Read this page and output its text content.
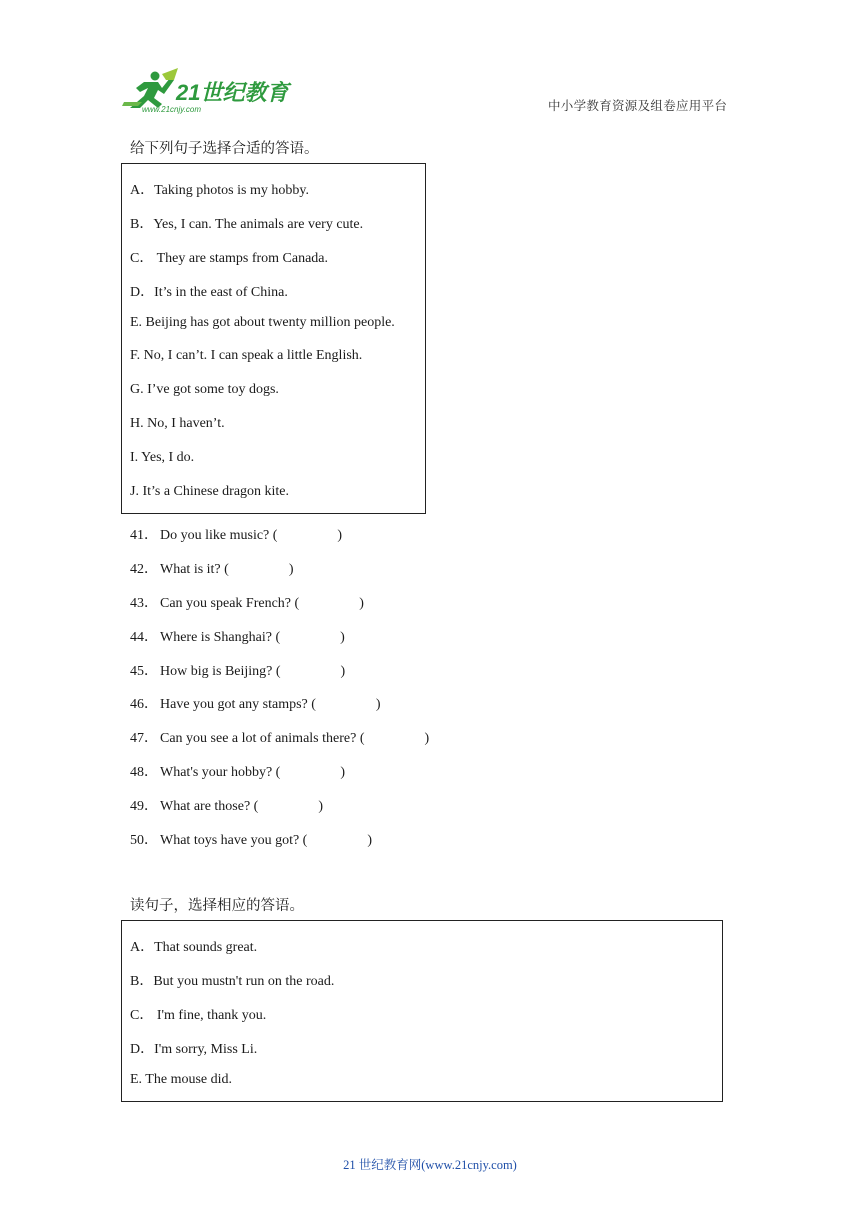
21世纪教育
www.21cnjy.com	中小学教育资源及组卷应用平台
给下列句子选择合适的答语。
A．Taking photos is my hobby.
B．Yes, I can. The animals are very cute.
C． They are stamps from Canada.
D．It’s in the east of China.
E. Beijing has got about twenty million people.
F. No, I can’t. I can speak a little English.
G. I’ve got some toy dogs.
H. No, I haven’t.
I. Yes, I do.
J. It’s a Chinese dragon kite.
41． Do you like music? (	)
42． What is it? (	)
43． Can you speak French? (	)
44． Where is Shanghai? (	)
45． How big is Beijing? (	)
46． Have you got any stamps? (	)
47． Can you see a lot of animals there? (	)
48． What's your hobby? (	)
49． What are those? (	)
50． What toys have you got? (	)
读句子，选择相应的答语。
A．That sounds great.
B．But you mustn't run on the road.
C． I'm fine, thank you.
D．I'm sorry, Miss Li.
E. The mouse did.
21 世纪教育网(www.21cnjy.com)
